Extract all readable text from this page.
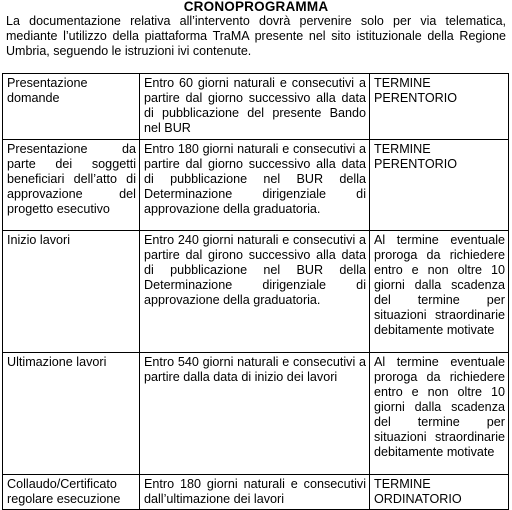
CRONOPROGRAMMA
La documentazione relativa all’intervento dovrà pervenire solo per via telematica, mediante l’utilizzo della piattaforma TraMA presente nel sito istituzionale della Regione Umbria, seguendo le istruzioni ivi contenute.
Presentazione domande	Entro 60 giorni naturali e consecutivi a partire dal giorno successivo alla data di pubblicazione del presente Bando nel BUR	TERMINE PERENTORIO

Presentazione da parte dei soggetti beneficiari dell’atto di approvazione del progetto esecutivo	Entro 180 giorni naturali e consecutivi a partire dal giorno successivo alla data di pubblicazione nel BUR della Determinazione dirigenziale di approvazione della graduatoria.	TERMINE PERENTORIO

Inizio lavori	Entro 240 giorni naturali e consecutivi a partire dal girono successivo alla data di pubblicazione nel BUR della Determinazione dirigenziale di approvazione della graduatoria.	Al termine eventuale proroga da richiedere entro e non oltre 10 giorni dalla scadenza del termine per situazioni straordinarie debitamente motivate

Ultimazione lavori	Entro 540 giorni naturali e consecutivi a partire dalla data di inizio dei lavori	Al termine eventuale proroga da richiedere entro e non oltre 10 giorni dalla scadenza del termine per situazioni straordinarie debitamente motivate

Collaudo/Certificato regolare esecuzione	Entro 180 giorni naturali e consecutivi dall’ultimazione dei lavori	TERMINE ORDINATORIO
